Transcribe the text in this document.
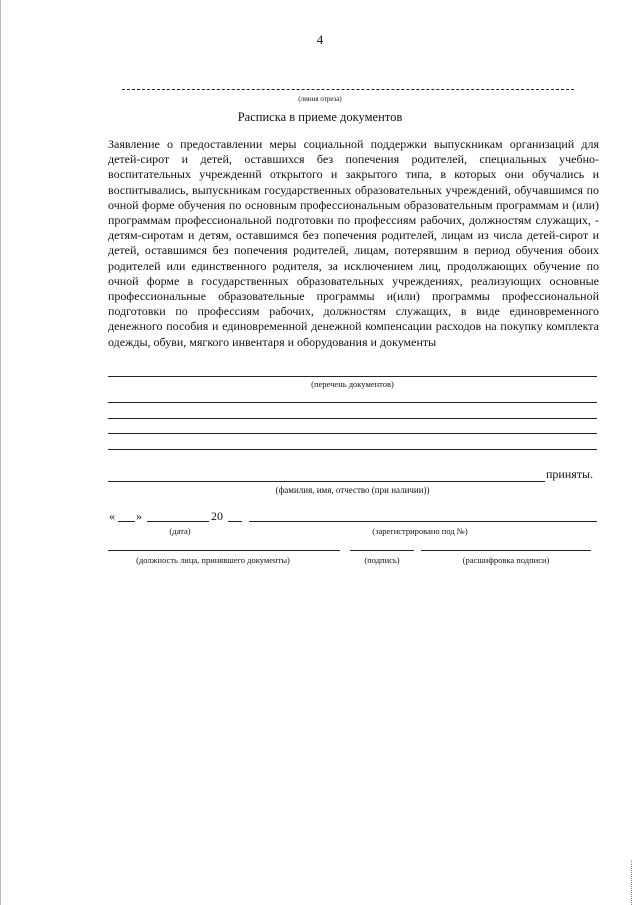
4
(линия отреза)
Расписка в приеме документов
Заявление о предоставлении меры социальной поддержки выпускникам организаций для детей-сирот и детей, оставшихся без попечения родителей, специальных учебно-воспитательных учреждений открытого и закрытого типа, в которых они обучались и воспитывались, выпускникам государственных образовательных учреждений, обучавшимся по очной форме обучения по основным профессиональным образовательным программам и (или) программам профессиональной подготовки по профессиям рабочих, должностям служащих, - детям-сиротам и детям, оставшимся без попечения родителей, лицам из числа детей-сирот и детей, оставшимся без попечения родителей, лицам, потерявшим в период обучения обоих родителей или единственного родителя, за исключением лиц, продолжающих обучение по очной форме в государственных образовательных учреждениях, реализующих основные профессиональные образовательные программы и(или) программы профессиональной подготовки по профессиям рабочих, должностям служащих, в виде единовременного денежного пособия и единовременной денежной компенсации расходов на покупку комплекта одежды, обуви, мягкого инвентаря и оборудования и документы
(перечень документов)
приняты.
(фамилия, имя, отчество (при наличии))
« »	20
(дата)	(зарегистрировано под №)
(должность лица, принявшего документы)	(подпись)	(расшифровка подписи)
